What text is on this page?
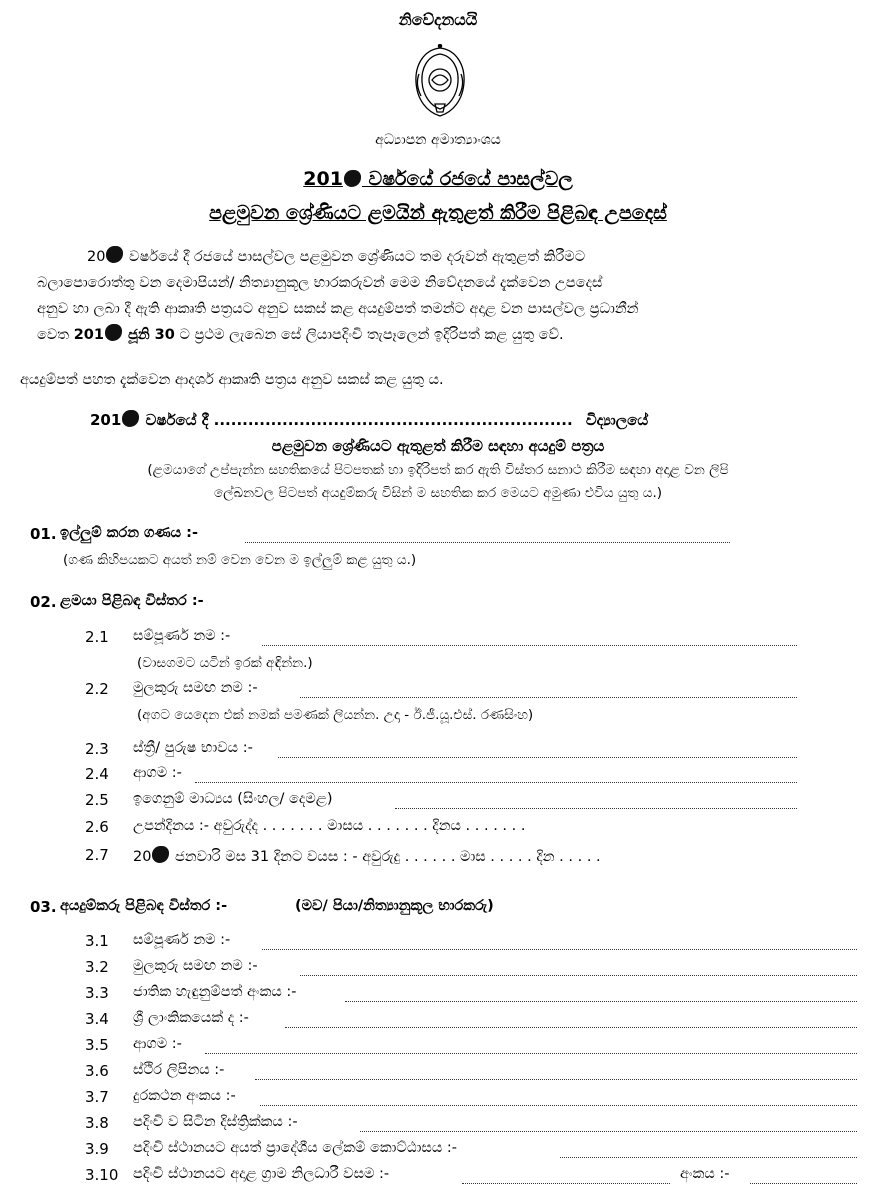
නිවේදනයයි
අධ්‍යාපන අමාත්‍යාංශය
201 වර්ෂයේ රජයේ පාසල්වල
පළමුවන ශ්‍රේණියට ළමයින් ඇතුළත් කිරීම පිළිබඳ උපදෙස්
20 වර්ෂයේ දී රජයේ පාසල්වල පළමුවන ශ්‍රේණියට තම දරුවන් ඇතුළත් කිරීමට
බලාපොරොත්තු වන දෙමාපියන්/ නිත්‍යානුකූල භාරකරුවන් මෙම නිවේදනයේ දැක්වෙන උපදෙස්
අනුව හා ලබා දී ඇති ආකෘති පත්‍රයට අනුව සකස් කළ අයදුම්පත් තමන්ට අදාළ වන පාසල්වල ප්‍රධානීන්
වෙත 201 ජූනි 30 ට ප්‍රථම ලැබෙන සේ ලියාපදිංචි තැපෑලෙන් ඉදිරිපත් කළ යුතු වේ.
අයදුම්පත් පහත දැක්වෙන ආදර්ශ ආකෘති පත්‍රය අනුව සකස් කළ යුතු ය.
201 වර්ෂයේ දී ............................................................... විද්‍යාලයේ
පළමුවන ශ්‍රේණියට ඇතුළත් කිරීම සඳහා අයදුම් පත්‍රය
(ළමයාගේ උප්පැන්න සහතිකයේ පිටපතක් හා ඉදිරිපත් කර ඇති විස්තර සනාථ කිරීම සඳහා අදාළ වන ලිපි
ලේඛනවල පිටපත් අයදුම්කරු විසින් ම සහතික කර මෙයට අමුණා එවිය යුතු ය.)
01. ඉල්ලුම් කරන ගණය :-
(ගණ කිහිපයකට අයත් නම් වෙන වෙන ම ඉල්ලුම් කළ යුතු ය.)
02. ළමයා පිළිබඳ විස්තර :-
2.1 සම්පූර්ණ නම :-
(වාසගමට යටින් ඉරක් අඳින්න.)
2.2 මුලකුරු සමඟ නම :-
(අගට යෙදෙන එක් නමක් පමණක් ලියන්න. උදා - ඊ.ජී.යූ.එස්. රණසිංහ)
2.3 ස්ත්‍රී/ පුරුෂ භාවය :-
2.4 ආගම :-
2.5 ඉගෙනුම් මාධ්‍යය (සිංහල/ දෙමළ)
2.6 උපන්දිනය :- අවුරුද්ද . . . . . . . මාසය . . . . . . . දිනය . . . . . . .
2.7 20 ජනවාරි මස 31 දිනට වයස : - අවුරුදු . . . . . . මාස . . . . . දින . . . . .
03. අයදුම්කරු පිළිබඳ විස්තර :-	(මව/ පියා/නිත්‍යානුකූල භාරකරු)
3.1 සම්පූර්ණ නම :-
3.2 මුලකුරු සමඟ නම :-
3.3 ජාතික හැඳුනුම්පත් අංකය :-
3.4 ශ්‍රී ලාංකිකයෙක් ද :-
3.5 ආගම :-
3.6 ස්ථිර ලිපිනය :-
3.7 දුරකථන අංකය :-
3.8 පදිංචි ව සිටින දිස්ත්‍රික්කය :-
3.9 පදිංචි ස්ථානයට අයත් ප්‍රාදේශීය ලේකම් කොට්ඨාසය :-
3.10 පදිංචි ස්ථානයට අදාළ ග්‍රාම නිලධාරී වසම :-	අංකය :-
